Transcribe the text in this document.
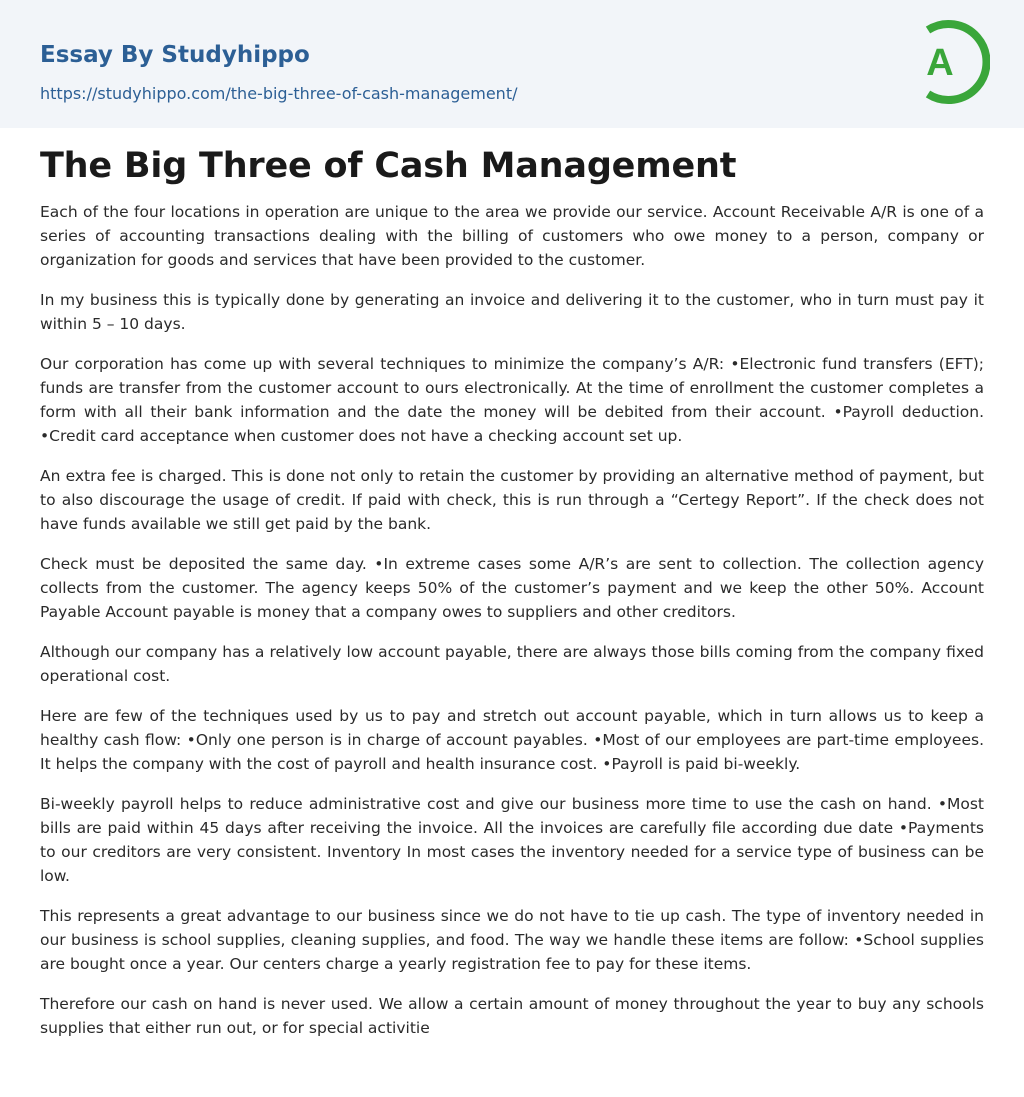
Essay By Studyhippo
https://studyhippo.com/the-big-three-of-cash-management/
A
The Big Three of Cash Management

Each of the four locations in operation are unique to the area we provide our service. Account Receivable A/R is one of a series of accounting transactions dealing with the billing of customers who owe money to a person, company or organization for goods and services that have been provided to the customer.

In my business this is typically done by generating an invoice and delivering it to the customer, who in turn must pay it within 5 – 10 days.

Our corporation has come up with several techniques to minimize the company’s A/R: •Electronic fund transfers (EFT); funds are transfer from the customer account to ours electronically. At the time of enrollment the customer completes a form with all their bank information and the date the money will be debited from their account. •Payroll deduction. •Credit card acceptance when customer does not have a checking account set up.

An extra fee is charged. This is done not only to retain the customer by providing an alternative method of payment, but to also discourage the usage of credit. If paid with check, this is run through a “Certegy Report”. If the check does not have funds available we still get paid by the bank.

Check must be deposited the same day. •In extreme cases some A/R’s are sent to collection. The collection agency collects from the customer. The agency keeps 50% of the customer’s payment and we keep the other 50%. Account Payable Account payable is money that a company owes to suppliers and other creditors.

Although our company has a relatively low account payable, there are always those bills coming from the company fixed operational cost.

Here are few of the techniques used by us to pay and stretch out account payable, which in turn allows us to keep a healthy cash flow: •Only one person is in charge of account payables. •Most of our employees are part-time employees. It helps the company with the cost of payroll and health insurance cost. •Payroll is paid bi-weekly.

Bi-weekly payroll helps to reduce administrative cost and give our business more time to use the cash on hand. •Most bills are paid within 45 days after receiving the invoice. All the invoices are carefully file according due date •Payments to our creditors are very consistent. Inventory In most cases the inventory needed for a service type of business can be low.

This represents a great advantage to our business since we do not have to tie up cash. The type of inventory needed in our business is school supplies, cleaning supplies, and food. The way we handle these items are follow: •School supplies are bought once a year. Our centers charge a yearly registration fee to pay for these items.

Therefore our cash on hand is never used. We allow a certain amount of money throughout the year to buy any schools supplies that either run out, or for special activitie
